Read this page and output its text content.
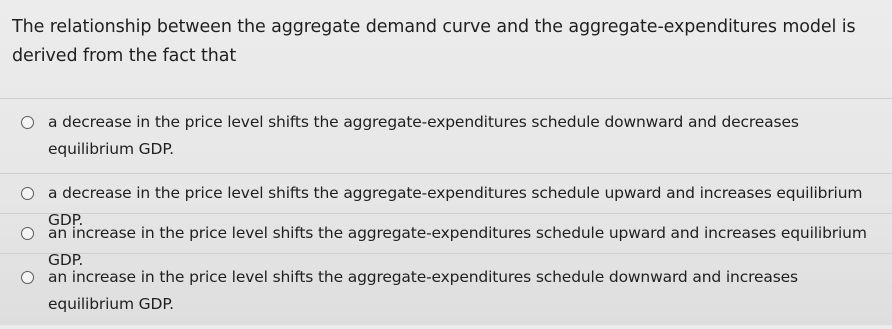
The relationship between the aggregate demand curve and the aggregate-expenditures model is derived from the fact that
a decrease in the price level shifts the aggregate-expenditures schedule downward and decreases equilibrium GDP.
a decrease in the price level shifts the aggregate-expenditures schedule upward and increases equilibrium GDP.
an increase in the price level shifts the aggregate-expenditures schedule upward and increases equilibrium GDP.
an increase in the price level shifts the aggregate-expenditures schedule downward and increases equilibrium GDP.
